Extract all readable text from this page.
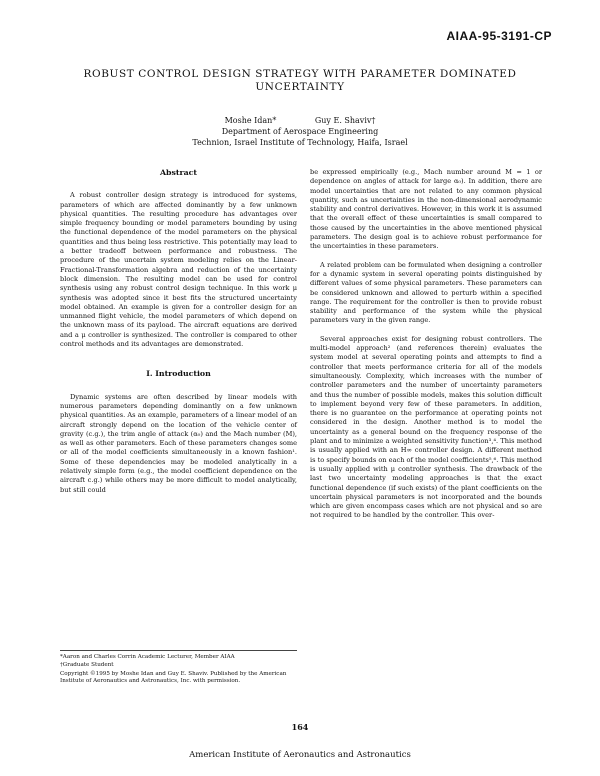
AIAA-95-3191-CP
ROBUST CONTROL DESIGN STRATEGY WITH PARAMETER DOMINATED
UNCERTAINTY
Moshe Idan*	Guy E. Shaviv†
Department of Aerospace Engineering
Technion, Israel Institute of Technology, Haifa, Israel
Abstract

A robust controller design strategy is introduced for systems, parameters of which are affected dominantly by a few unknown physical quantities. The resulting procedure has advantages over simple frequency bounding or model parameters bounding by using the functional dependence of the model parameters on the physical quantities and thus being less restrictive. This potentially may lead to a better tradeoff between performance and robustness. The procedure of the uncertain system modeling relies on the Linear-Fractional-Transformation algebra and reduction of the uncertainty block dimension. The resulting model can be used for control synthesis using any robust control design technique. In this work μ synthesis was adopted since it best fits the structured uncertainty model obtained. An example is given for a controller design for an unmanned flight vehicle, the model parameters of which depend on the unknown mass of its payload. The aircraft equations are derived and a μ controller is synthesized. The controller is compared to other control methods and its advantages are demonstrated.

I. Introduction

Dynamic systems are often described by linear models with numerous parameters depending dominantly on a few unknown physical quantities. As an example, parameters of a linear model of an aircraft strongly depend on the location of the vehicle center of gravity (c.g.), the trim angle of attack (α₀) and the Mach number (M), as well as other parameters. Each of these parameters changes some or all of the model coefficients simultaneously in a known fashion¹. Some of these dependencies may be modeled analytically in a relatively simple form (e.g., the model coefficient dependence on the aircraft c.g.) while others may be more difficult to model analytically, but still could

*Aaron and Charles Corrin Academic Lecturer, Member AIAA
†Graduate Student
Copyright ©1995 by Moshe Idan and Guy E. Shaviv. Published by the American Institute of Aeronautics and Astronautics, Inc. with permission.

be expressed empirically (e.g., Mach number around M = 1 or dependence on angles of attack for large α₀). In addition, there are model uncertainties that are not related to any common physical quantity, such as uncertainties in the non-dimensional aerodynamic stability and control derivatives. However, in this work it is assumed that the overall effect of these uncertainties is small compared to those caused by the uncertainties in the above mentioned physical parameters. The design goal is to achieve robust performance for the uncertainties in these parameters.

A related problem can be formulated when designing a controller for a dynamic system in several operating points distinguished by different values of some physical parameters. These parameters can be considered unknown and allowed to perturb within a specified range. The requirement for the controller is then to provide robust stability and performance of the system while the physical parameters vary in the given range.

Several approaches exist for designing robust controllers. The multi-model approach² (and references therein) evaluates the system model at several operating points and attempts to find a controller that meets performance criteria for all of the models simultaneously. Complexity, which increases with the number of controller parameters and the number of uncertainty parameters and thus the number of possible models, makes this solution difficult to implement beyond very few of these parameters. In addition, there is no guarantee on the performance at operating points not considered in the design. Another method is to model the uncertainty as a general bound on the frequency response of the plant and to minimize a weighted sensitivity function³,⁴. This method is usually applied with an H∞ controller design. A different method is to specify bounds on each of the model coefficients⁵,⁶. This method is usually applied with μ controller synthesis. The drawback of the last two uncertainty modeling approaches is that the exact functional dependence (if such exists) of the plant coefficients on the uncertain physical parameters is not incorporated and the bounds which are given encompass cases which are not physical and so are not required to be handled by the controller. This over-

164
American Institute of Aeronautics and Astronautics
